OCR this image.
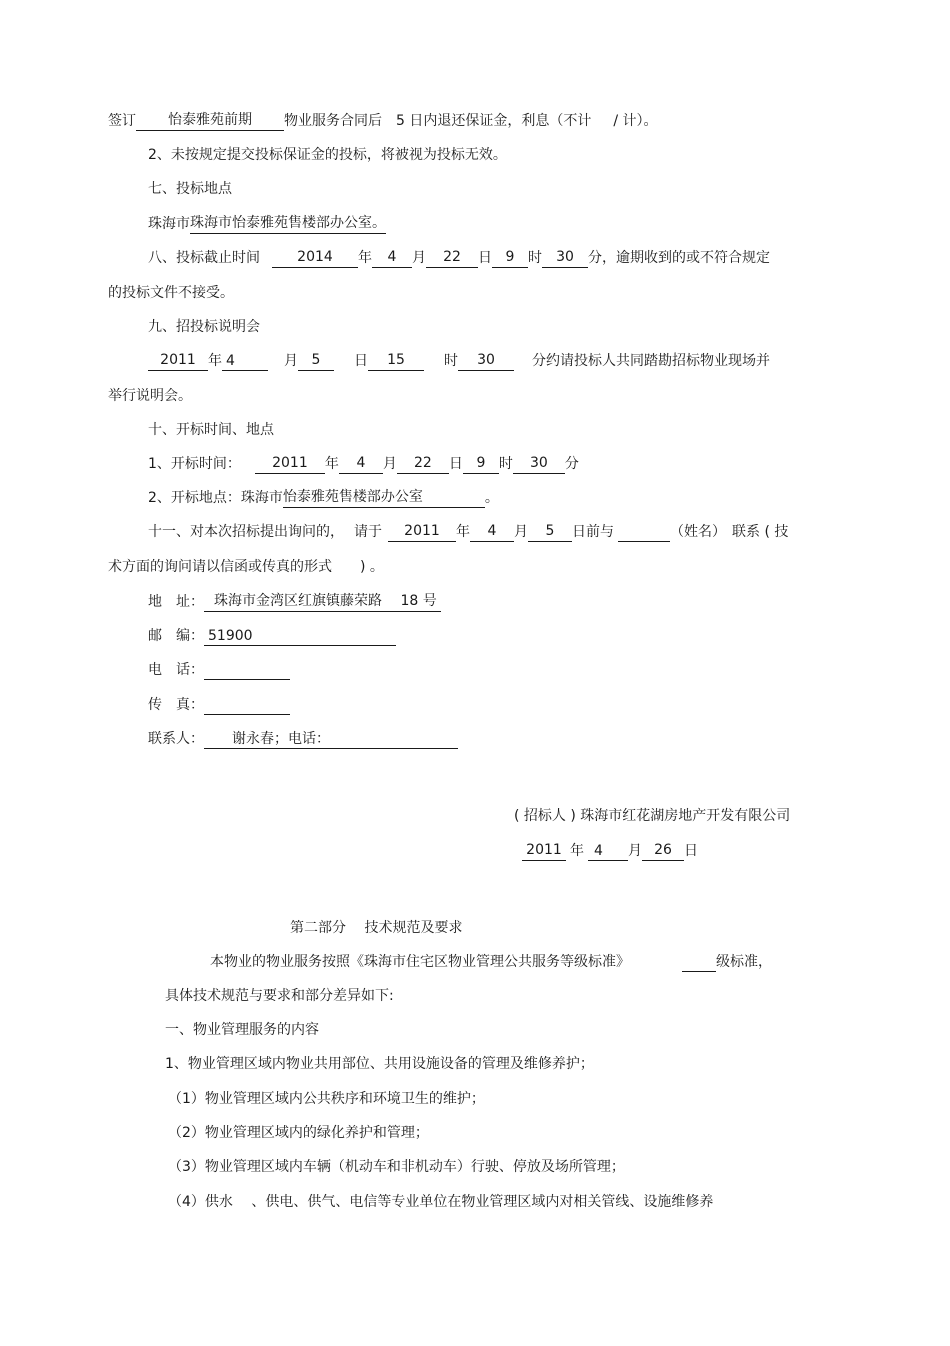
签订 怡泰雅苑前期 物业服务合同后 5 日内退还保证金，利息（不计 / 计）。
2、未按规定提交投标保证金的投标，将被视为投标无效。
七、投标地点
珠海市珠海市怡泰雅苑售楼部办公室。
八、投标截止时间	2014 年 4 月 22 日 9 时 30 分，逾期收到的或不符合规定
的投标文件不接受。
九、招投标说明会
2011 年 4	月 5 日 15	时 30	分约请投标人共同踏勘招标物业现场并
举行说明会。
十、开标时间、地点
1、开标时间： 2011 年 4 月 22 日 9 时 30 分
2、开标地点：珠海市怡泰雅苑售楼部办公室	。
十一、对本次招标提出询问的， 请于 2011 年 4 月 5 日前与	（姓名） 联系 ( 技
术方面的询问请以信函或传真的形式　　) 。
地　址： 珠海市金湾区红旗镇藤荣路　 18 号
邮　编： 51900
电　话：
传　真：
联系人： 谢永春；电话：
( 招标人 ) 珠海市红花湖房地产开发有限公司
2011 年 4 月 26 日
第二部分　 技术规范及要求
本物业的物业服务按照《珠海市住宅区物业管理公共服务等级标准》	级标准，
具体技术规范与要求和部分差异如下:
一、物业管理服务的内容
1、物业管理区域内物业共用部位、共用设施设备的管理及维修养护；
（1）物业管理区域内公共秩序和环境卫生的维护；
（2）物业管理区域内的绿化养护和管理；
（3）物业管理区域内车辆（机动车和非机动车）行驶、停放及场所管理；
（4）供水　 、供电、供气、电信等专业单位在物业管理区域内对相关管线、设施维修养
